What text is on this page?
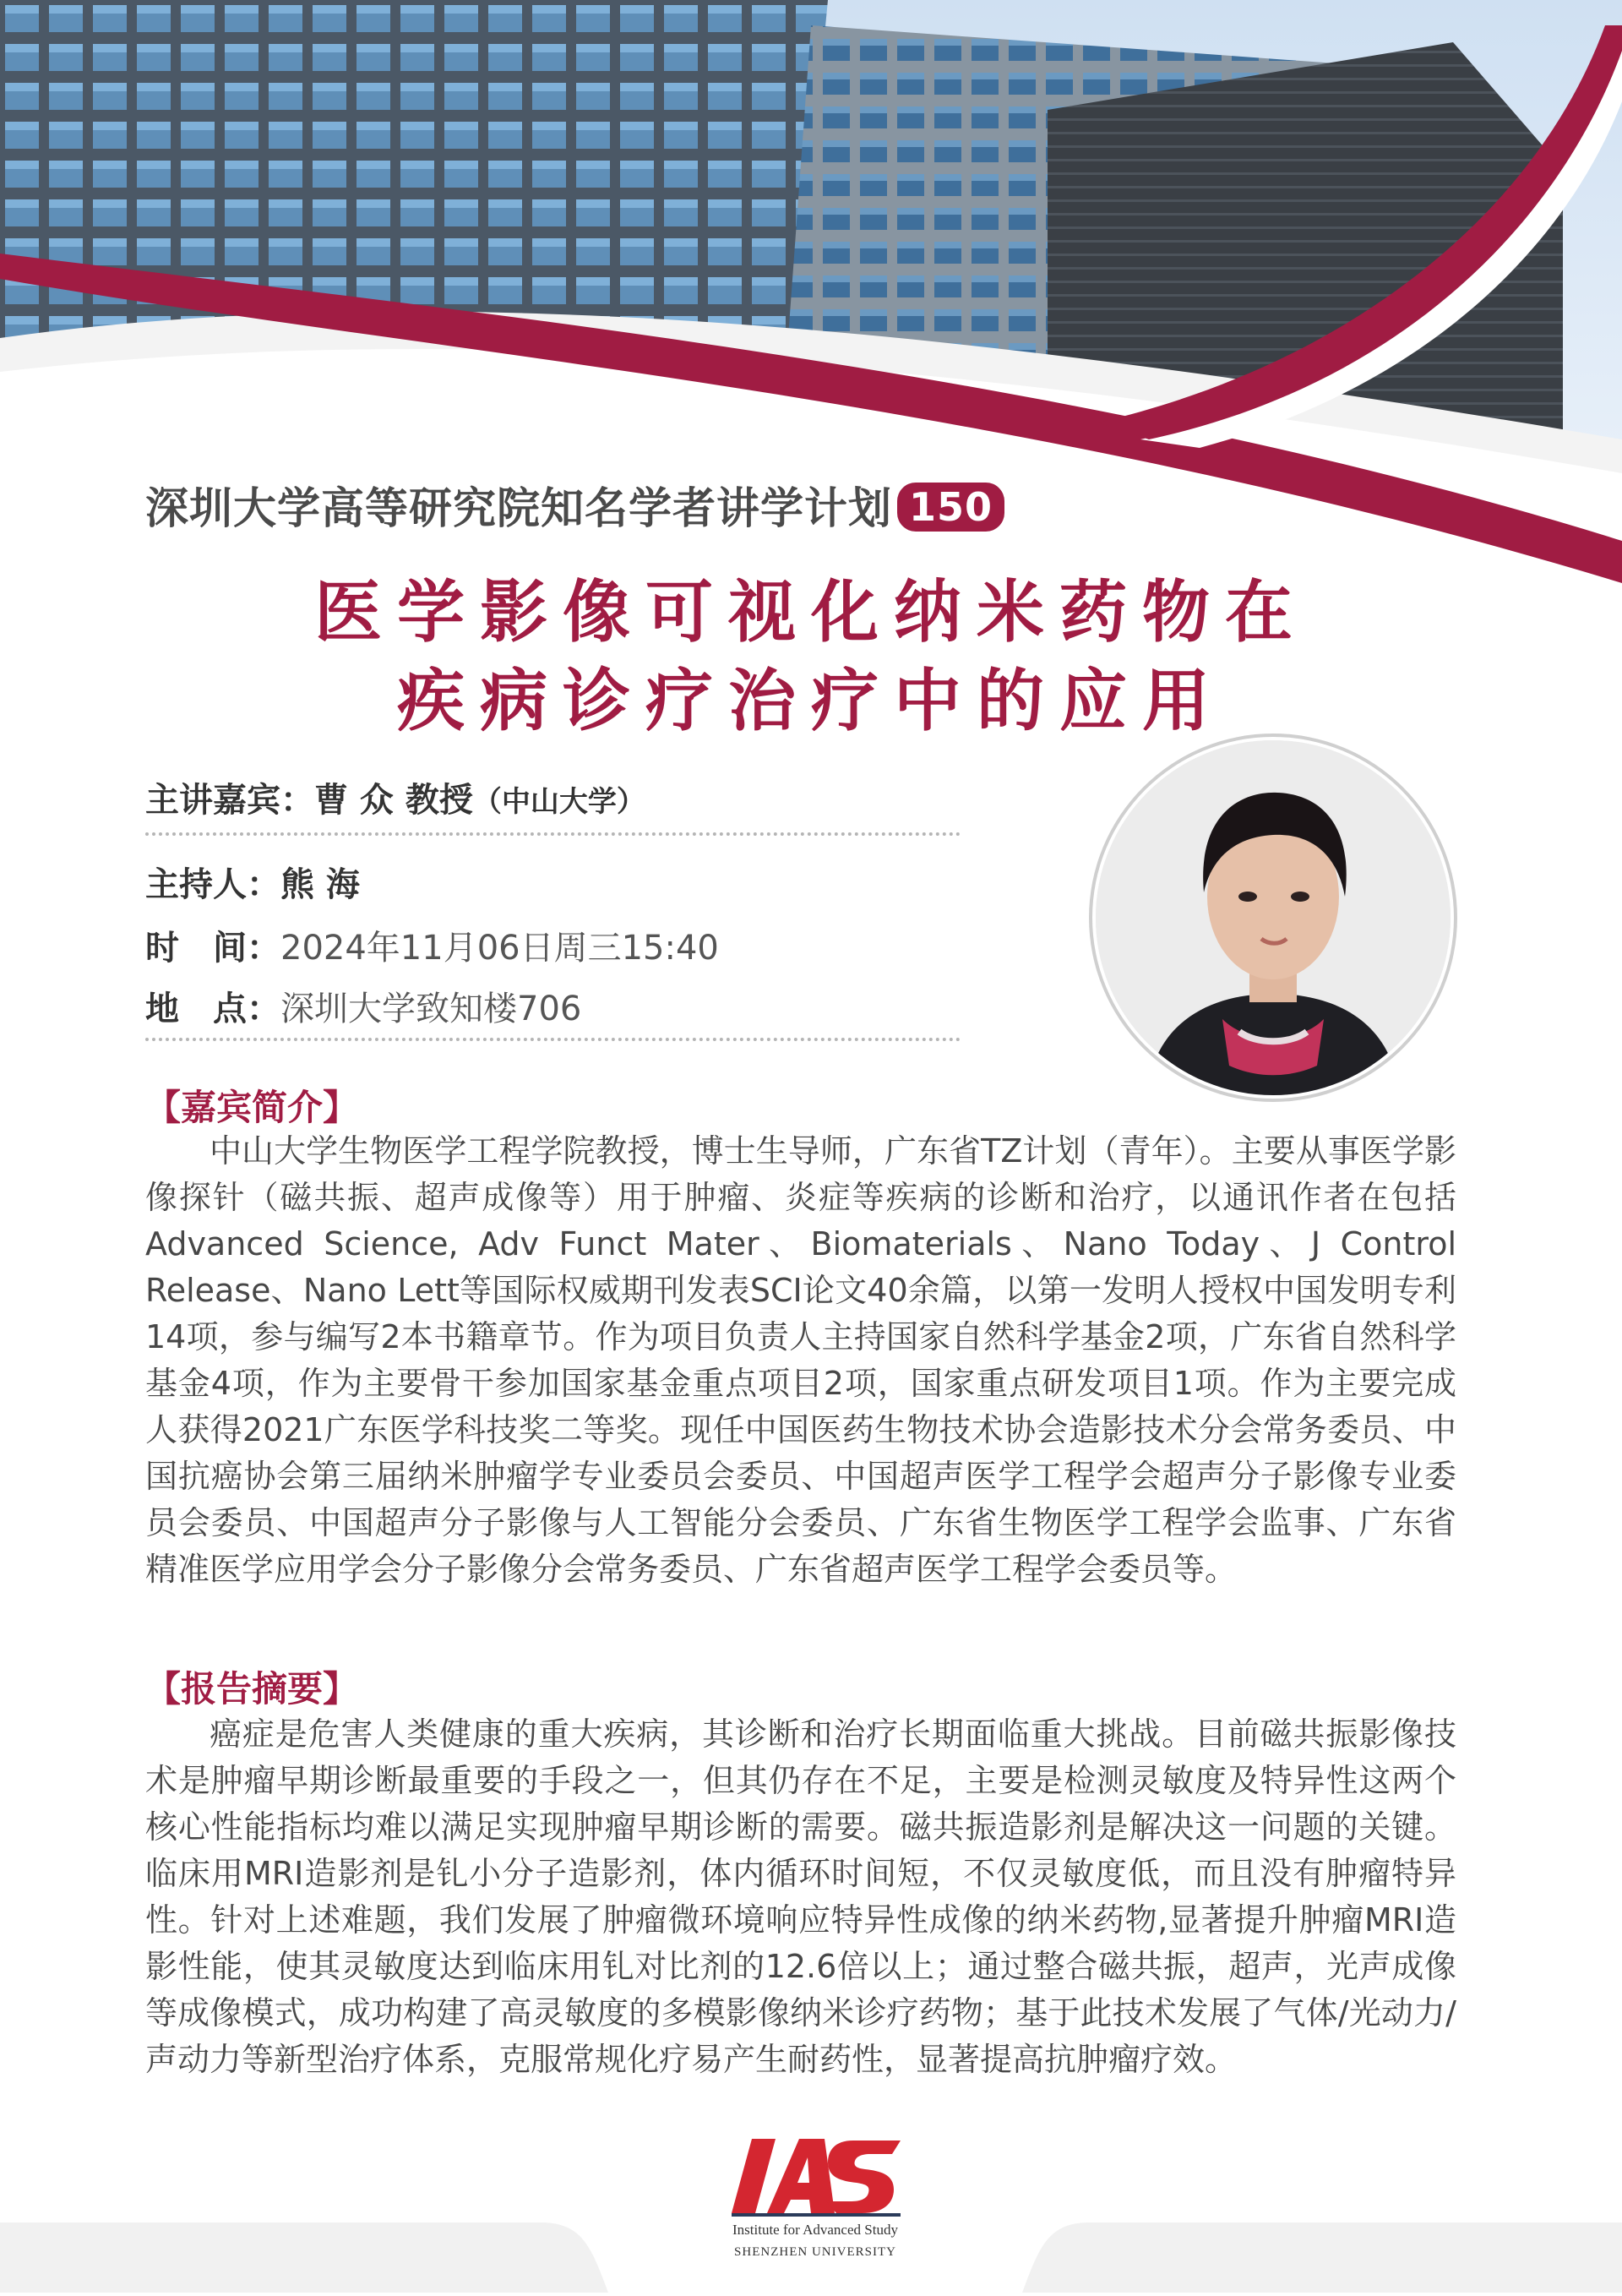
深圳大学高等研究院知名学者讲学计划 150
医学影像可视化纳米药物在
疾病诊疗治疗中的应用
主讲嘉宾：曹 众 教授（中山大学）
主持人：熊 海
时　间：2024年11月06日周三15:40
地　点：深圳大学致知楼706
【嘉宾简介】
中山大学生物医学工程学院教授，博士生导师，广东省TZ计划（青年）。主要从事医学影像探针（磁共振、超声成像等）用于肿瘤、炎症等疾病的诊断和治疗，以通讯作者在包括Advanced Science, Adv Funct Mater、Biomaterials、Nano Today、J Control Release、Nano Lett等国际权威期刊发表SCI论文40余篇，以第一发明人授权中国发明专利14项，参与编写2本书籍章节。作为项目负责人主持国家自然科学基金2项，广东省自然科学基金4项，作为主要骨干参加国家基金重点项目2项，国家重点研发项目1项。作为主要完成人获得2021广东医学科技奖二等奖。现任中国医药生物技术协会造影技术分会常务委员、中国抗癌协会第三届纳米肿瘤学专业委员会委员、中国超声医学工程学会超声分子影像专业委员会委员、中国超声分子影像与人工智能分会委员、广东省生物医学工程学会监事、广东省精准医学应用学会分子影像分会常务委员、广东省超声医学工程学会委员等。
【报告摘要】
癌症是危害人类健康的重大疾病，其诊断和治疗长期面临重大挑战。目前磁共振影像技术是肿瘤早期诊断最重要的手段之一，但其仍存在不足，主要是检测灵敏度及特异性这两个核心性能指标均难以满足实现肿瘤早期诊断的需要。磁共振造影剂是解决这一问题的关键。临床用MRI造影剂是钆小分子造影剂，体内循环时间短，不仅灵敏度低，而且没有肿瘤特异性。针对上述难题，我们发展了肿瘤微环境响应特异性成像的纳米药物,显著提升肿瘤MRI造影性能，使其灵敏度达到临床用钆对比剂的12.6倍以上；通过整合磁共振，超声，光声成像等成像模式，成功构建了高灵敏度的多模影像纳米诊疗药物；基于此技术发展了气体/光动力/声动力等新型治疗体系，克服常规化疗易产生耐药性，显著提高抗肿瘤疗效。
Institute for Advanced Study
SHENZHEN UNIVERSITY
